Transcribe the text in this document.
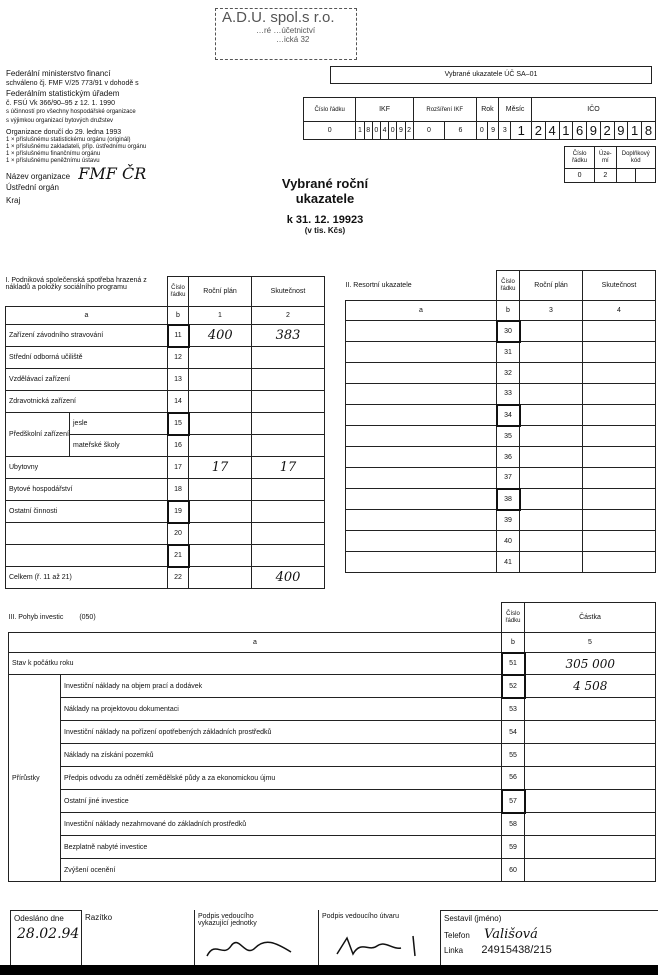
A.D.U. spol.s r.o.
…ré …účetnictví
…ická 32
Federální ministerstvo financí
schváleno čj. FMF V/25 773/91 v dohodě s
Federálním statistickým úřadem
č. FSÚ Vk 366/90–95 z 12. 1. 1990
s účinností pro všechny hospodářské organizace
s výjimkou organizací bytových družstev
Organizace doručí do 29. ledna 1993
1 × příslušnému statistickému orgánu (originál)
1 × příslušnému zakladateli, příp. ústřednímu orgánu
1 × příslušnému finančnímu orgánu
1 × příslušnému peněžnímu ústavu
Název organizace FMF ČR
Ústřední orgán
Kraj
Vybrané ukazatele ÚČ SA–01
Číslo řádku	IKF							Rozšíření IKF		Rok		Měsíc		IČO								
0	1	8	0	4	0	9	2	0	6	0	9	3	1	2	4	1	6	9	2	9	1	8
Číslo řádku	Úze- mí	Doplňkový kód	
0	2		
Vybrané roční
ukazatele
k 31. 12. 19923
(v tis. Kčs)
I. Podniková společenská spotřeba hrazená z nákladů a položky sociálního programu		Číslo řádku	Roční plán	Skutečnost
a		b	1	2
Zařízení závodního stravování		11	400	383
Střední odborná učiliště		12		
Vzdělávací zařízení		13		
Zdravotnická zařízení		14		
Předškolní zařízení	jesle	15		
	mateřské školy	16		
Ubytovny		17	17	17
Bytové hospodářství		18		
Ostatní činnosti		19		
		20		
		21		
Celkem (ř. 11 až 21)		22		400
II. Resortní ukazatele	Číslo řádku	Roční plán	Skutečnost
a	b	3	4
	30		
	31		
	32		
	33		
	34		
	35		
	36		
	37		
	38		
	39		
	40		
	41		
III. Pohyb investic (050)		Číslo řádku	Částka
a		b	5
Stav k počátku roku		51	305 000
Přírůstky	Investiční náklady na objem prací a dodávek	52	4 508
	Náklady na projektovou dokumentaci	53	
	Investiční náklady na pořízení opotřebených základních prostředků	54	
	Náklady na získání pozemků	55	
	Předpis odvodu za odnětí zemědělské půdy a za ekonomickou újmu	56	
	Ostatní jiné investice	57	
	Investiční náklady nezahrnované do základních prostředků	58	
	Bezplatně nabyté investice	59	
	Zvýšení ocenění	60	
Odesláno dne
28.02.94
Razítko	Podpis vedoucího vykazující jednotky
Podpis vedoucího útvaru	Sestavil (jméno)
Telefon Vališová
Linka 24915438/215
